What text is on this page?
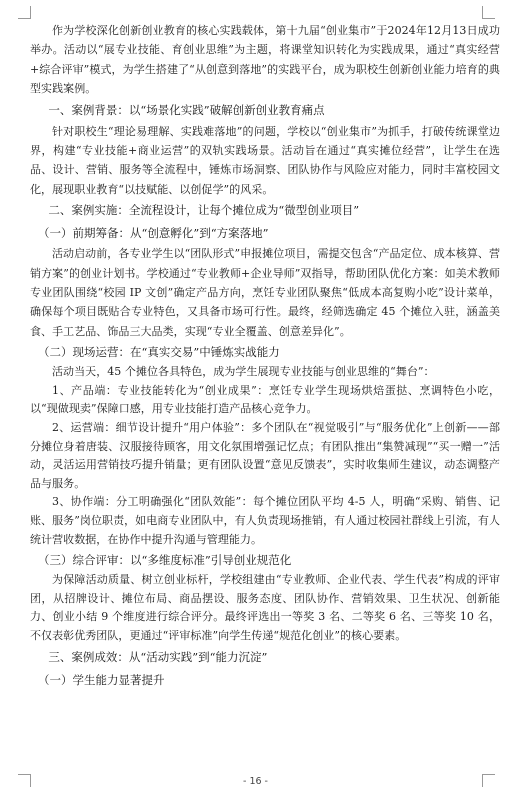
作为学校深化创新创业教育的核心实践载体，第十九届“创业集市”于2024年12月13日成功举办。活动以“展专业技能、育创业思维”为主题，将课堂知识转化为实践成果，通过“真实经营+综合评审”模式，为学生搭建了“从创意到落地”的实践平台，成为职校生创新创业能力培育的典型实践案例。

一、案例背景：以“场景化实践”破解创新创业教育痛点

针对职校生“理论易理解、实践难落地”的问题，学校以“创业集市”为抓手，打破传统课堂边界，构建“专业技能+商业运营”的双轨实践场景。活动旨在通过“真实摊位经营”，让学生在选品、设计、营销、服务等全流程中，锤炼市场洞察、团队协作与风险应对能力，同时丰富校园文化，展现职业教育“以技赋能、以创促学”的风采。

二、案例实施：全流程设计，让每个摊位成为“微型创业项目”
（一）前期筹备：从“创意孵化”到“方案落地”

活动启动前，各专业学生以“团队形式”申报摊位项目，需提交包含“产品定位、成本核算、营销方案”的创业计划书。学校通过“专业教师+企业导师”双指导，帮助团队优化方案：如美术教师专业团队围绕“校园 IP 文创”确定产品方向，烹饪专业团队聚焦“低成本高复购小吃”设计菜单，确保每个项目既贴合专业特色，又具备市场可行性。最终，经筛选确定 45 个摊位入驻，涵盖美食、手工艺品、饰品三大品类，实现“专业全覆盖、创意差异化”。

（二）现场运营：在“真实交易”中锤炼实战能力

活动当天，45 个摊位各具特色，成为学生展现专业技能与创业思维的“舞台”：

1、产品端：专业技能转化为“创业成果”：烹饪专业学生现场烘焙蛋挞、烹调特色小吃，以“现做现卖”保障口感，用专业技能打造产品核心竞争力。

2、运营端：细节设计提升“用户体验”：多个团队在“视觉吸引”与“服务优化”上创新——部分摊位身着唐装、汉服接待顾客，用文化氛围增强记忆点；有团队推出“集赞减现”“买一赠一”活动，灵活运用营销技巧提升销量；更有团队设置“意见反馈表”，实时收集师生建议，动态调整产品与服务。

3、协作端：分工明确强化“团队效能”：每个摊位团队平均 4-5 人，明确“采购、销售、记账、服务”岗位职责，如电商专业团队中，有人负责现场推销，有人通过校园社群线上引流，有人统计营收数据，在协作中提升沟通与管理能力。

（三）综合评审：以“多维度标准”引导创业规范化

为保障活动质量、树立创业标杆，学校组建由“专业教师、企业代表、学生代表”构成的评审团，从招牌设计、摊位布局、商品摆设、服务态度、团队协作、营销效果、卫生状况、创新能力、创业小结 9 个维度进行综合评分。最终评选出一等奖 3 名、二等奖 6 名、三等奖 10 名，不仅表彰优秀团队，更通过“评审标准”向学生传递“规范化创业”的核心要素。

三、案例成效：从“活动实践”到“能力沉淀”
（一）学生能力显著提升
- 16 -
